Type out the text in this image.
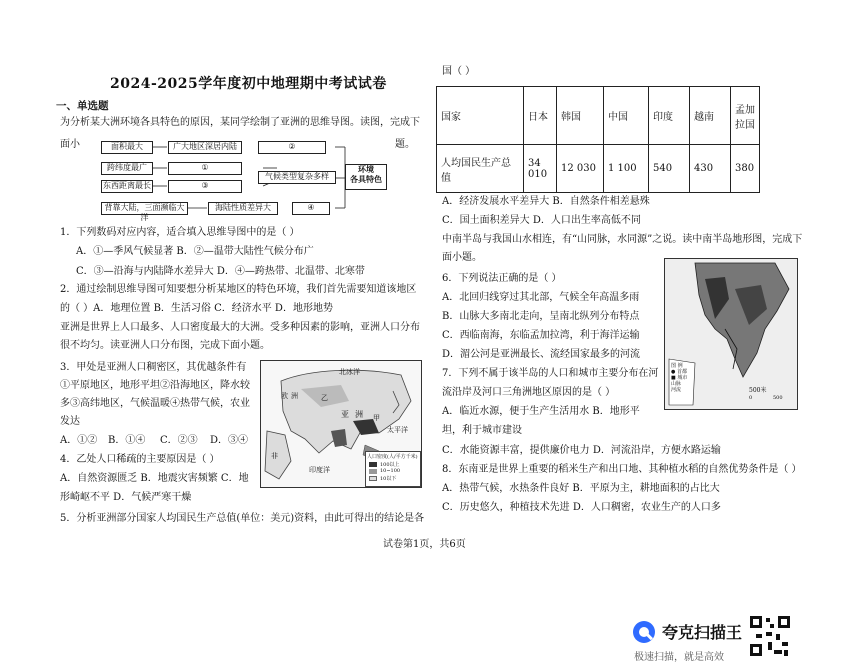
2024-2025学年度初中地理期中考试试卷
一、单选题
为分析某大洲环境各具特色的原因，某同学绘制了亚洲的思维导图。读图，完成下
面小	题。
面积最大
跨纬度最广
东西距离最长
背靠大陆，三面濒临大洋
广大地区深居内陆
①
③
海陆性质差异大
②
气候类型复杂多样
④
环境
各具特色
1．下列数码对应内容，适合填入思维导图中的是（ ）
A．①—季风气候显著 B．②—温带大陆性气候分布广
C．③—沿海与内陆降水差异大 D．④—跨热带、北温带、北寒带
2．通过绘制思维导图可知要想分析某地区的特色环境，我们首先需要知道该地区
的（ ）A．地理位置 B．生活习俗 C．经济水平 D．地形地势
亚洲是世界上人口最多、人口密度最大的大洲。受多种因素的影响，亚洲人口分布
很不均匀。读亚洲人口分布图，完成下面小题。
3．甲处是亚洲人口稠密区，其优越条件有
①平原地区，地形平坦②沿海地区，降水较
多③高纬地区，气候温暖④热带气候，农业
发达
A．①② B．①④ C．②③ D．③④
4．乙处人口稀疏的主要原因是（ ）
A．自然资源匮乏 B．地震灾害频繁 C．地
形崎岖不平 D．气候严寒干燥
5．分析亚洲部分国家人均国民生产总值(单位：美元)资料，由此可得出的结论是各
北冰洋
欧 洲
亚 洲 甲
乙
太平洋
印度洋
非	人口密度(人/平方千米)
100以上
10~100
10以下
国（ ）
国家	日本	韩国	中国	印度	越南	孟加拉国
人均国民生产总值	34 010	12 030	1 100	540	430	380
A．经济发展水平差异大 B．自然条件相差悬殊
C．国土面积差异大 D．人口出生率高低不同
中南半岛与我国山水相连，有“山同脉，水同源”之说。读中南半岛地形图，完成下
面小题。
6．下列说法正确的是（ ）
A．北回归线穿过其北部，气候全年高温多雨
B．山脉大多南北走向，呈南北纵列分布特点
C．西临南海，东临孟加拉湾，利于海洋运输
D．湄公河是亚洲最长、流经国家最多的河流
7．下列不属于该半岛的人口和城市主要分布在河
流沿岸及河口三角洲地区原因的是（ ）
A．临近水源，便于生产生活用水 B．地形平
坦，利于城市建设
C．水能资源丰富，提供廉价电力 D．河流沿岸，方便水路运输
8．东南亚是世界上重要的稻米生产和出口地、其种植水稻的自然优势条件是（ ）
A．热带气候，水热条件良好 B．平原为主，耕地面积的占比大
C．历史悠久，种植技术先进 D．人口稠密，农业生产的人口多
图 例
● 首都
■ 城市
山脉
河流	500米
0	500
试卷第1页，共6页
夸克扫描王
极速扫描，就是高效
